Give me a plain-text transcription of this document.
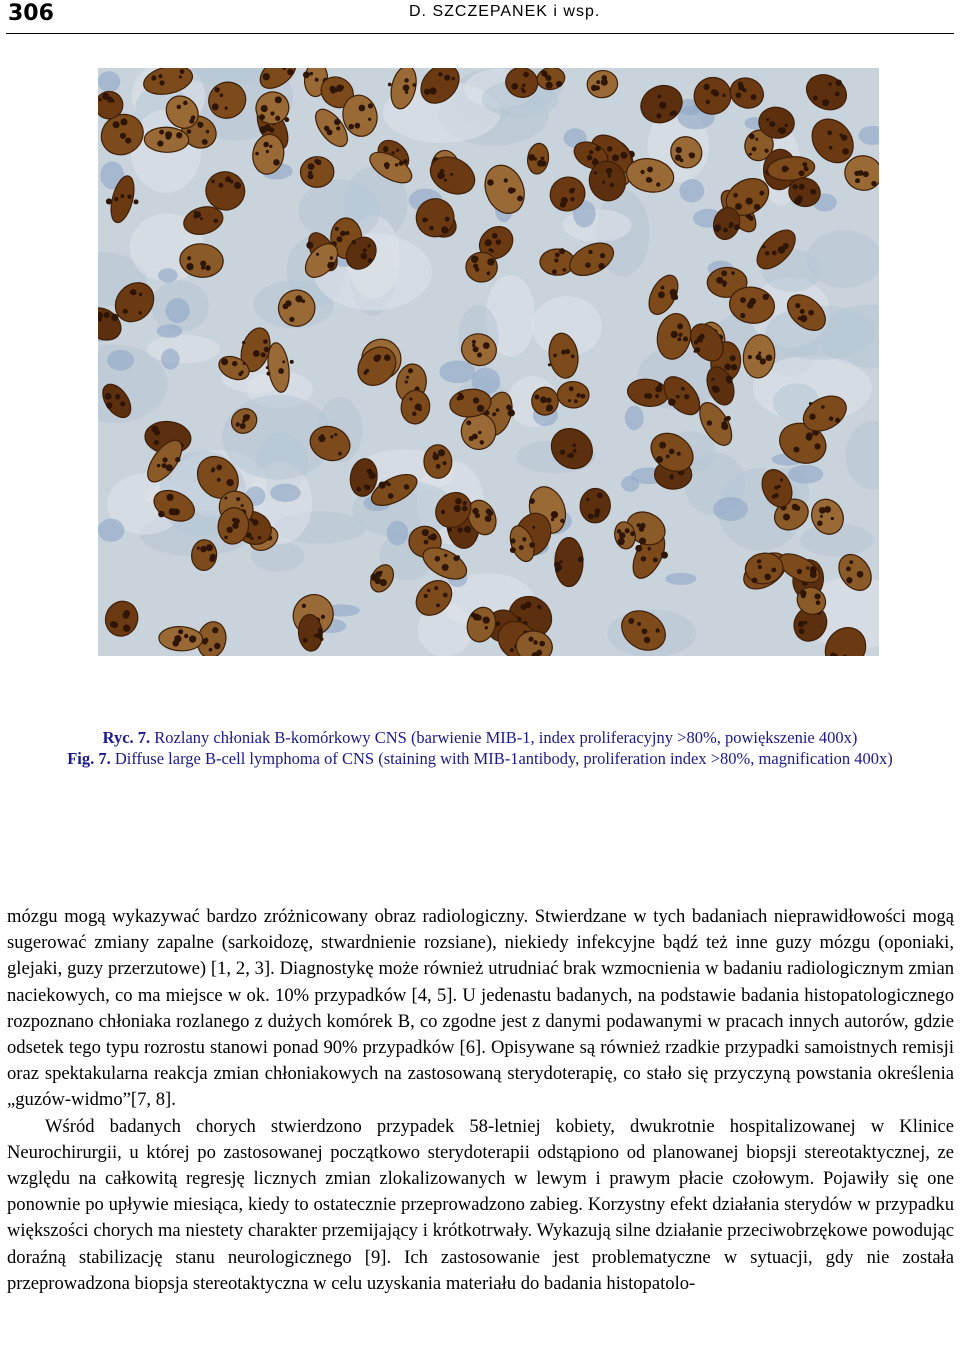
306	D. SZCZEPANEK i wsp.

Ryc. 7. Rozlany chłoniak B-komórkowy CNS (barwienie MIB-1, index proliferacyjny >80%, powiększenie 400x)

Fig. 7. Diffuse large B-cell lymphoma of CNS (staining with MIB-1antibody, proliferation index >80%, magnification 400x)

mózgu mogą wykazywać bardzo zróżnicowany obraz radiologiczny. Stwierdzane w tych badaniach nieprawidłowości mogą sugerować zmiany zapalne (sarkoidozę, stwardnienie rozsiane), niekiedy infekcyjne bądź też inne guzy mózgu (oponiaki, glejaki, guzy przerzutowe) [1, 2, 3]. Diagnostykę może również utrudniać brak wzmocnienia w badaniu radiologicznym zmian naciekowych, co ma miejsce w ok. 10% przypadków [4, 5]. U jedenastu badanych, na podstawie badania histopatologicznego rozpoznano chłoniaka rozlanego z dużych komórek B, co zgodne jest z danymi podawanymi w pracach innych autorów, gdzie odsetek tego typu rozrostu stanowi ponad 90% przypadków [6]. Opisywane są również rzadkie przypadki samoistnych remisji oraz spektakularna reakcja zmian chłoniakowych na zastosowaną sterydoterapię, co stało się przyczyną powstania określenia „guzów-widmo”[7, 8].

Wśród badanych chorych stwierdzono przypadek 58-letniej kobiety, dwukrotnie hospitalizowanej w Klinice Neurochirurgii, u której po zastosowanej początkowo sterydoterapii odstąpiono od planowanej biopsji stereotaktycznej, ze względu na całkowitą regresję licznych zmian zlokalizowanych w lewym i prawym płacie czołowym. Pojawiły się one ponownie po upływie miesiąca, kiedy to ostatecznie przeprowadzono zabieg. Korzystny efekt działania sterydów w przypadku większości chorych ma niestety charakter przemijający i krótkotrwały. Wykazują silne działanie przeciwobrzękowe powodując doraźną stabilizację stanu neurologicznego [9]. Ich zastosowanie jest problematyczne w sytuacji, gdy nie została przeprowadzona biopsja stereotaktyczna w celu uzyskania materiału do badania histopatolo-
